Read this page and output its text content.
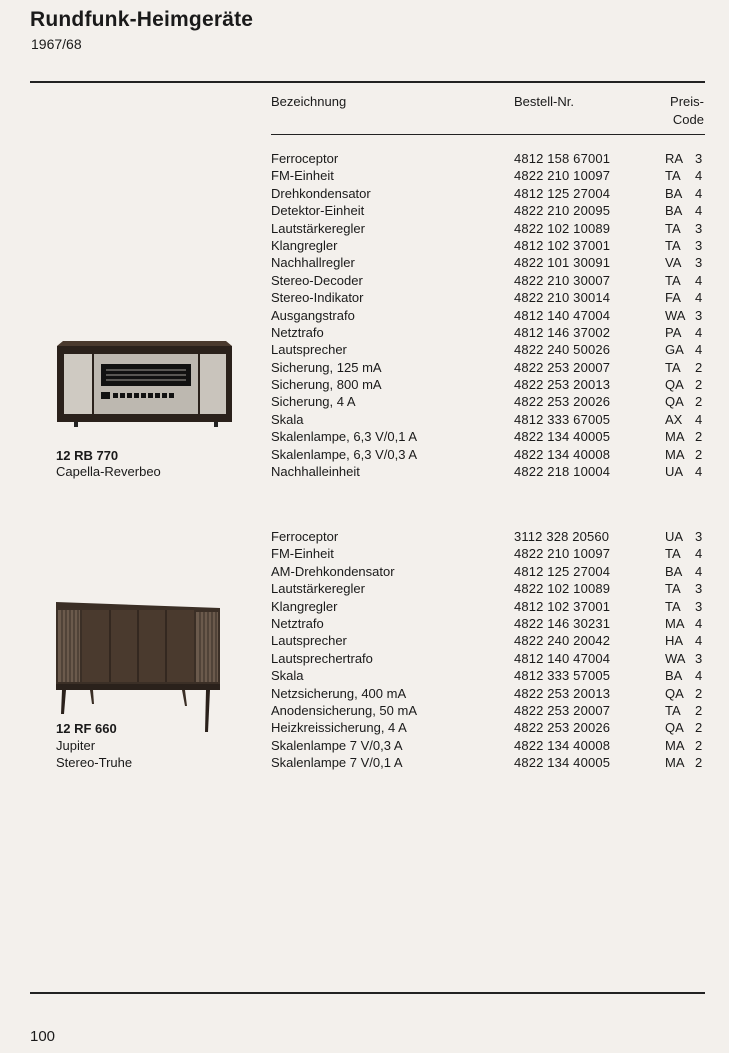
Rundfunk-Heimgeräte
1967/68
Bezeichnung	Bestell-Nr.	Preis-
Code
12 RB 770
Capella-Reverbeo
12 RF 660
Jupiter
Stereo-Truhe
Ferroceptor	4812 158 67001	RA 3
FM-Einheit	4822 210 10097	TA 4
Drehkondensator	4812 125 27004	BA 4
Detektor-Einheit	4822 210 20095	BA 4
Lautstärkeregler	4822 102 10089	TA 3
Klangregler	4812 102 37001	TA 3
Nachhallregler	4822 101 30091	VA 3
Stereo-Decoder	4822 210 30007	TA 4
Stereo-Indikator	4822 210 30014	FA 4
Ausgangstrafo	4812 140 47004	WA 3
Netztrafo	4812 146 37002	PA 4
Lautsprecher	4822 240 50026	GA 4
Sicherung, 125 mA	4822 253 20007	TA 2
Sicherung, 800 mA	4822 253 20013	QA 2
Sicherung, 4 A	4822 253 20026	QA 2
Skala	4812 333 67005	AX 4
Skalenlampe, 6,3 V/0,1 A	4822 134 40005	MA 2
Skalenlampe, 6,3 V/0,3 A	4822 134 40008	MA 2
Nachhalleinheit	4822 218 10004	UA 4
Ferroceptor	3112 328 20560	UA 3
FM-Einheit	4822 210 10097	TA 4
AM-Drehkondensator	4812 125 27004	BA 4
Lautstärkeregler	4822 102 10089	TA 3
Klangregler	4812 102 37001	TA 3
Netztrafo	4822 146 30231	MA 4
Lautsprecher	4822 240 20042	HA 4
Lautsprechertrafo	4812 140 47004	WA 3
Skala	4812 333 57005	BA 4
Netzsicherung, 400 mA	4822 253 20013	QA 2
Anodensicherung, 50 mA	4822 253 20007	TA 2
Heizkreissicherung, 4 A	4822 253 20026	QA 2
Skalenlampe 7 V/0,3 A	4822 134 40008	MA 2
Skalenlampe 7 V/0,1 A	4822 134 40005	MA 2
100
